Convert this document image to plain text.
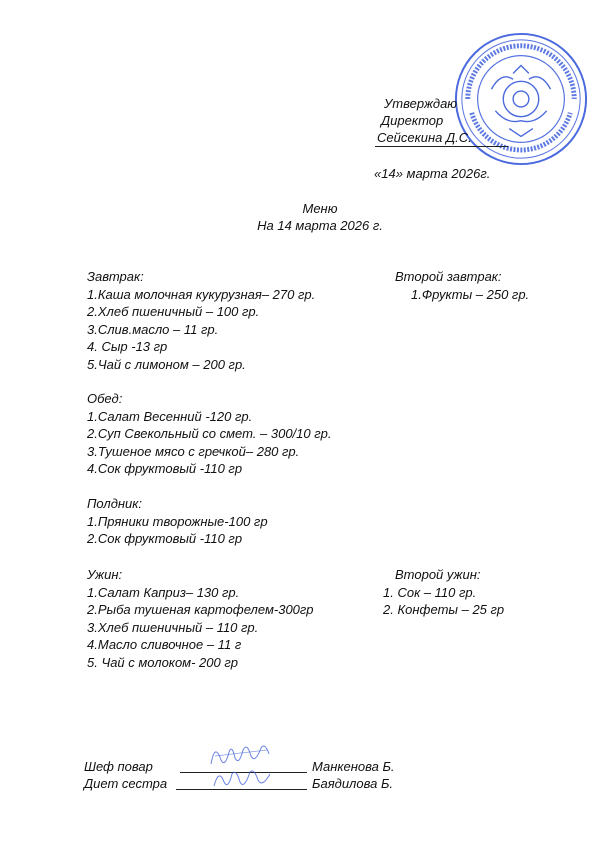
Утверждаю
Директор
Сейсекина Д.С.
«14» марта 2026г.
Меню
На 14 марта 2026 г.
Завтрак:
1.Каша молочная кукурузная– 270 гр.
2.Хлеб пшеничный – 100 гр.
3.Слив.масло – 11 гр.
4. Сыр -13 гр
5.Чай с лимоном – 200 гр.
Второй завтрак:
1.Фрукты – 250 гр.
Обед:
1.Салат Весенний -120 гр.
2.Суп Свекольный со смет. – 300/10 гр.
3.Тушеное мясо с гречкой– 280 гр.
4.Сок фруктовый -110 гр
Полдник:
1.Пряники творожные-100 гр
2.Сок фруктовый -110 гр
Ужин:
1.Салат Каприз– 130 гр.
2.Рыба тушеная картофелем-300гр
3.Хлеб пшеничный – 110 гр.
4.Масло сливочное – 11 г
5. Чай с молоком- 200 гр
Второй ужин:
1. Сок – 110 гр.
2. Конфеты – 25 гр
Шеф повар	Манкенова Б.
Диет сестра	Баядилова Б.
